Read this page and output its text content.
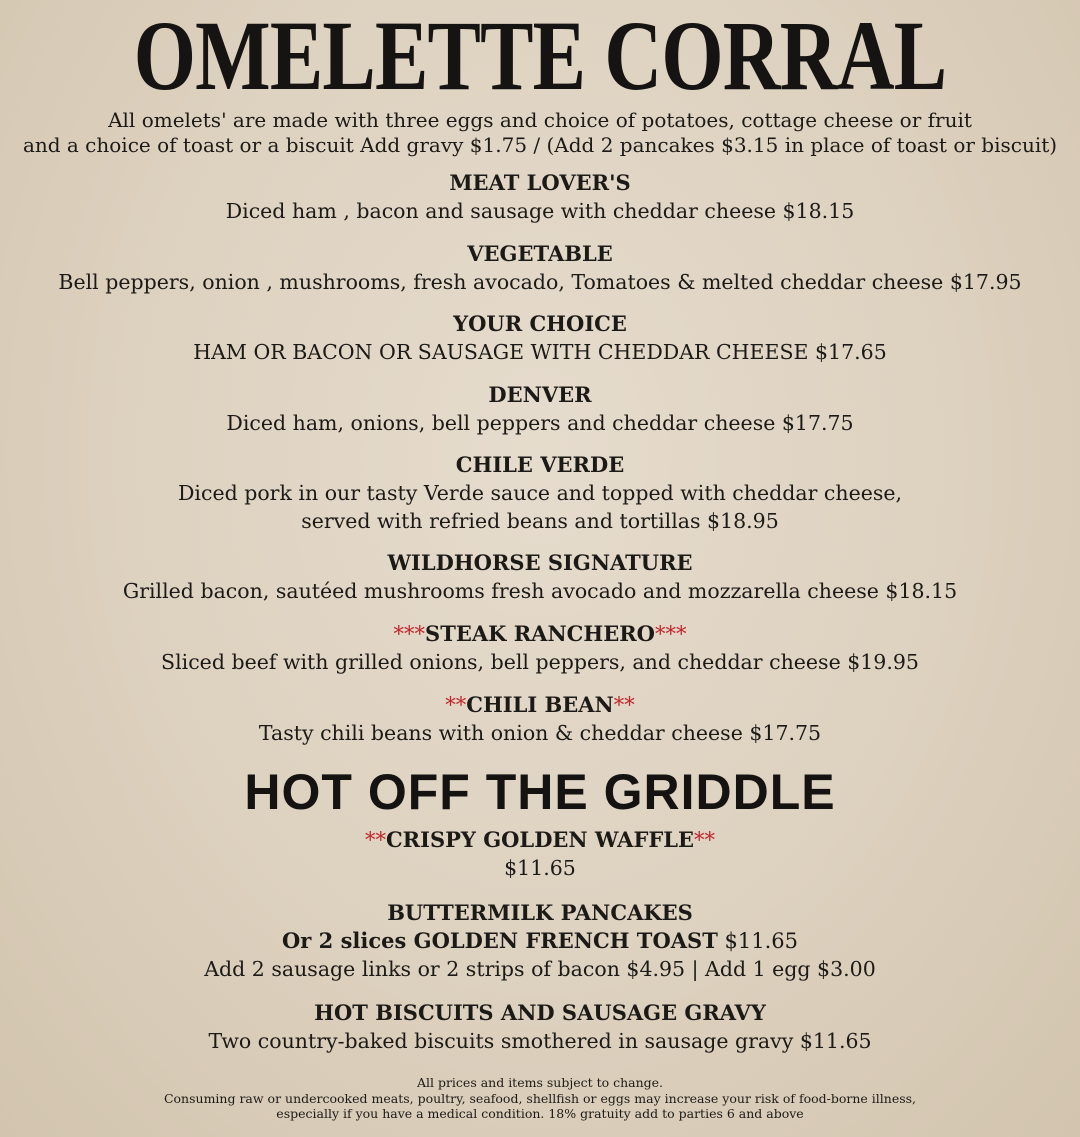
OMELETTE CORRAL
All omelets' are made with three eggs and choice of potatoes, cottage cheese or fruit
and a choice of toast or a biscuit Add gravy $1.75 / (Add 2 pancakes $3.15 in place of toast or biscuit)
MEAT LOVER'S
Diced ham , bacon and sausage with cheddar cheese $18.15
VEGETABLE
Bell peppers, onion , mushrooms, fresh avocado, Tomatoes & melted cheddar cheese $17.95
YOUR CHOICE
HAM OR BACON OR SAUSAGE WITH CHEDDAR CHEESE $17.65
DENVER
Diced ham, onions, bell peppers and cheddar cheese $17.75
CHILE VERDE
Diced pork in our tasty Verde sauce and topped with cheddar cheese,
served with refried beans and tortillas $18.95
WILDHORSE SIGNATURE
Grilled bacon, sautéed mushrooms fresh avocado and mozzarella cheese $18.15
***STEAK RANCHERO***
Sliced beef with grilled onions, bell peppers, and cheddar cheese $19.95
**CHILI BEAN**
Tasty chili beans with onion & cheddar cheese $17.75
HOT OFF THE GRIDDLE
**CRISPY GOLDEN WAFFLE**
$11.65
BUTTERMILK PANCAKES
Or 2 slices GOLDEN FRENCH TOAST $11.65
Add 2 sausage links or 2 strips of bacon $4.95 | Add 1 egg $3.00
HOT BISCUITS AND SAUSAGE GRAVY
Two country-baked biscuits smothered in sausage gravy $11.65
All prices and items subject to change.
Consuming raw or undercooked meats, poultry, seafood, shellfish or eggs may increase your risk of food-borne illness,
especially if you have a medical condition. 18% gratuity add to parties 6 and above
